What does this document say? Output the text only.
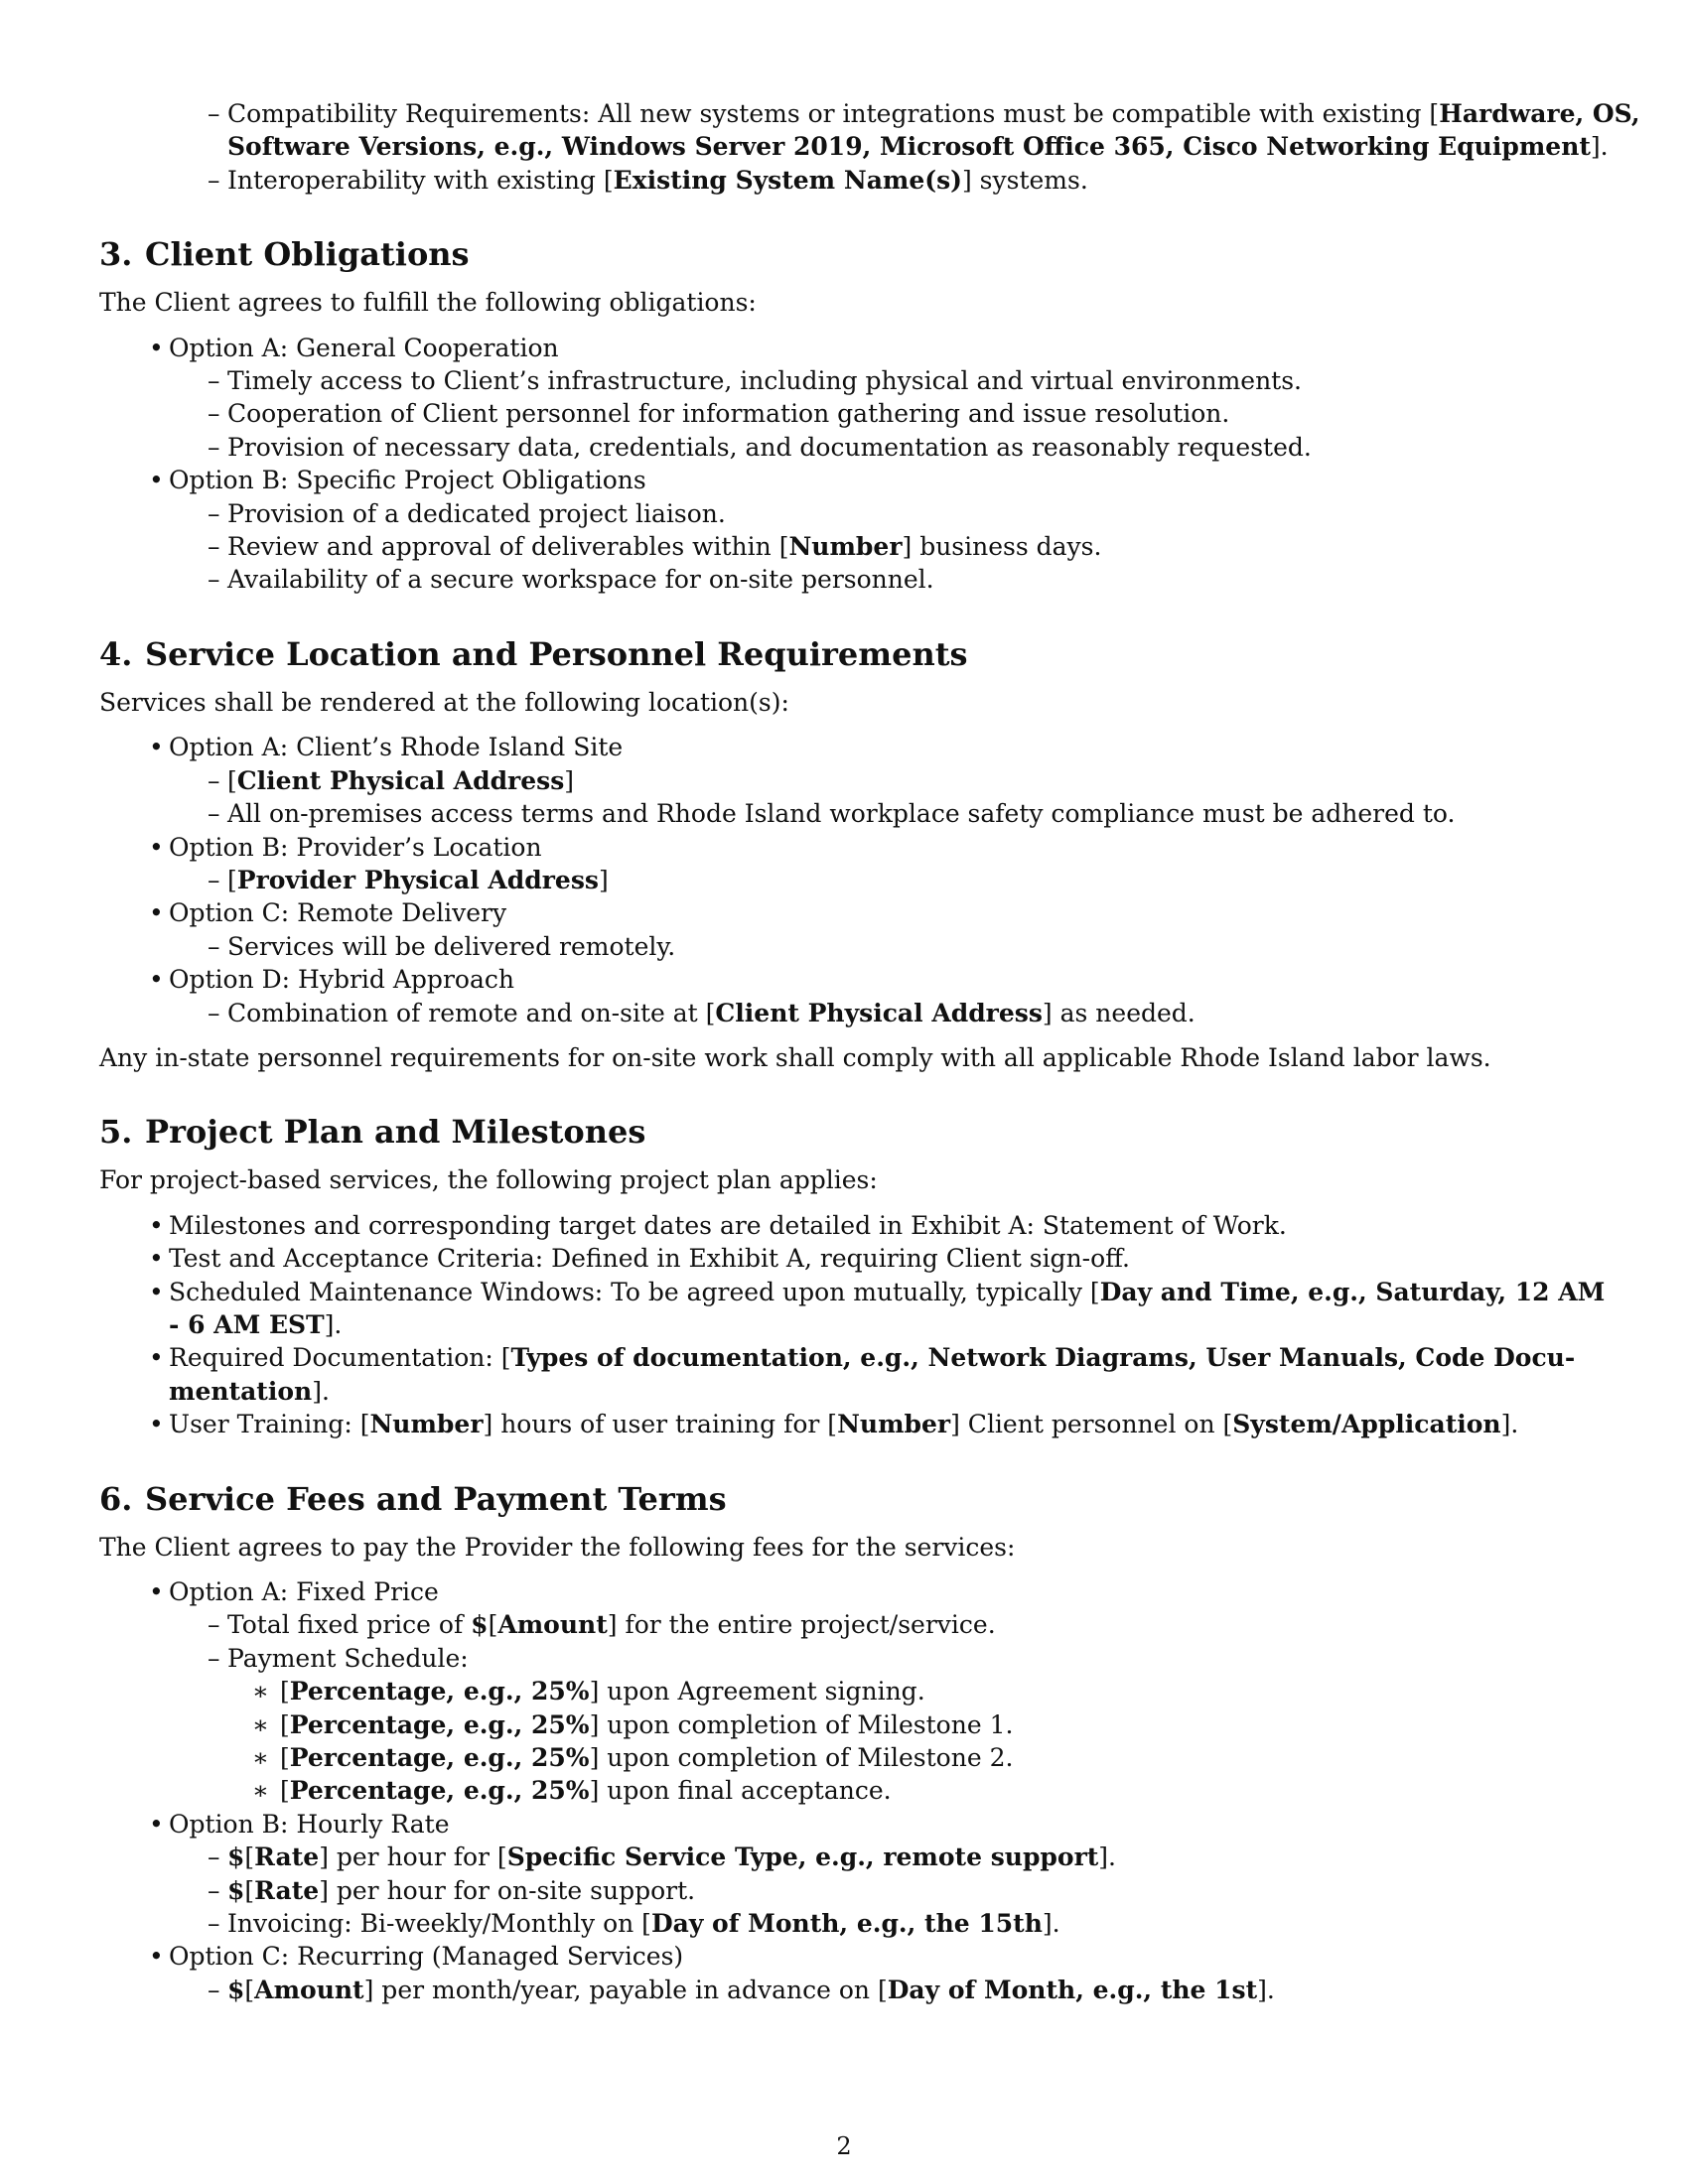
– Compatibility Requirements: All new systems or integrations must be compatible with existing [Hardware, OS,
Software Versions, e.g., Windows Server 2019, Microsoft Office 365, Cisco Networking Equipment].
– Interoperability with existing [Existing System Name(s)] systems.
3. Client Obligations
The Client agrees to fulfill the following obligations:
• Option A: General Cooperation
– Timely access to Client’s infrastructure, including physical and virtual environments.
– Cooperation of Client personnel for information gathering and issue resolution.
– Provision of necessary data, credentials, and documentation as reasonably requested.
• Option B: Specific Project Obligations
– Provision of a dedicated project liaison.
– Review and approval of deliverables within [Number] business days.
– Availability of a secure workspace for on-site personnel.
4. Service Location and Personnel Requirements
Services shall be rendered at the following location(s):
• Option A: Client’s Rhode Island Site
– [Client Physical Address]
– All on-premises access terms and Rhode Island workplace safety compliance must be adhered to.
• Option B: Provider’s Location
– [Provider Physical Address]
• Option C: Remote Delivery
– Services will be delivered remotely.
• Option D: Hybrid Approach
– Combination of remote and on-site at [Client Physical Address] as needed.
Any in-state personnel requirements for on-site work shall comply with all applicable Rhode Island labor laws.
5. Project Plan and Milestones
For project-based services, the following project plan applies:
• Milestones and corresponding target dates are detailed in Exhibit A: Statement of Work.
• Test and Acceptance Criteria: Defined in Exhibit A, requiring Client sign-off.
• Scheduled Maintenance Windows: To be agreed upon mutually, typically [Day and Time, e.g., Saturday, 12 AM
- 6 AM EST].
• Required Documentation: [Types of documentation, e.g., Network Diagrams, User Manuals, Code Docu-
mentation].
• User Training: [Number] hours of user training for [Number] Client personnel on [System/Application].
6. Service Fees and Payment Terms
The Client agrees to pay the Provider the following fees for the services:
• Option A: Fixed Price
– Total fixed price of $[Amount] for the entire project/service.
– Payment Schedule:
∗ [Percentage, e.g., 25%] upon Agreement signing.
∗ [Percentage, e.g., 25%] upon completion of Milestone 1.
∗ [Percentage, e.g., 25%] upon completion of Milestone 2.
∗ [Percentage, e.g., 25%] upon final acceptance.
• Option B: Hourly Rate
– $[Rate] per hour for [Specific Service Type, e.g., remote support].
– $[Rate] per hour for on-site support.
– Invoicing: Bi-weekly/Monthly on [Day of Month, e.g., the 15th].
• Option C: Recurring (Managed Services)
– $[Amount] per month/year, payable in advance on [Day of Month, e.g., the 1st].
2
